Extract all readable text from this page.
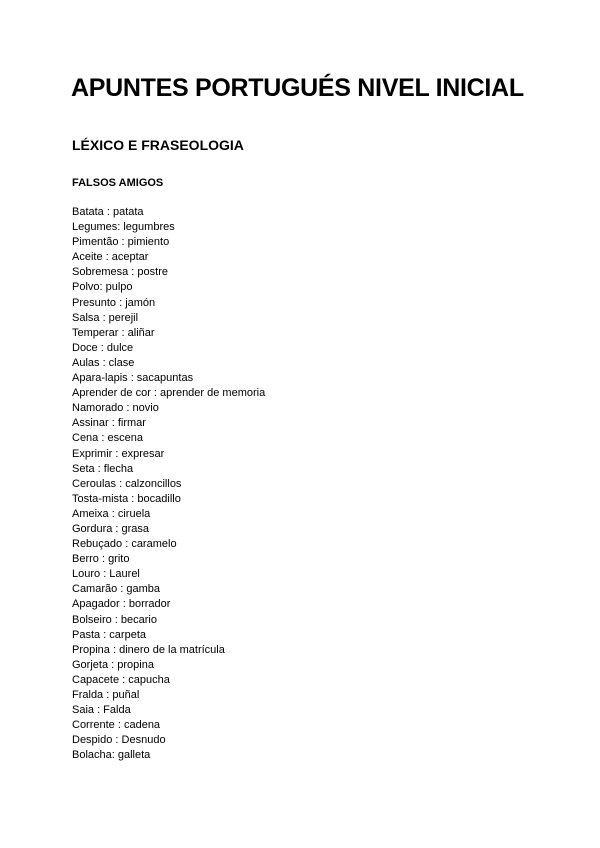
APUNTES PORTUGUÉS NIVEL INICIAL
LÉXICO E FRASEOLOGIA
FALSOS AMIGOS
Batata : patata
Legumes: legumbres
Pimentão : pimiento
Aceite : aceptar
Sobremesa : postre
Polvo: pulpo
Presunto : jamón
Salsa : perejil
Temperar : aliñar
Doce : dulce
Aulas : clase
Apara-lapis : sacapuntas
Aprender de cor : aprender de memoria
Namorado : novio
Assinar : firmar
Cena : escena
Exprimir : expresar
Seta : flecha
Ceroulas : calzoncillos
Tosta-mista : bocadillo
Ameixa : ciruela
Gordura : grasa
Rebuçado : caramelo
Berro : grito
Louro : Laurel
Camarão : gamba
Apagador : borrador
Bolseiro : becario
Pasta : carpeta
Propina : dinero de la matrícula
Gorjeta : propina
Capacete : capucha
Fralda : puñal
Saia : Falda
Corrente : cadena
Despido : Desnudo
Bolacha: galleta
